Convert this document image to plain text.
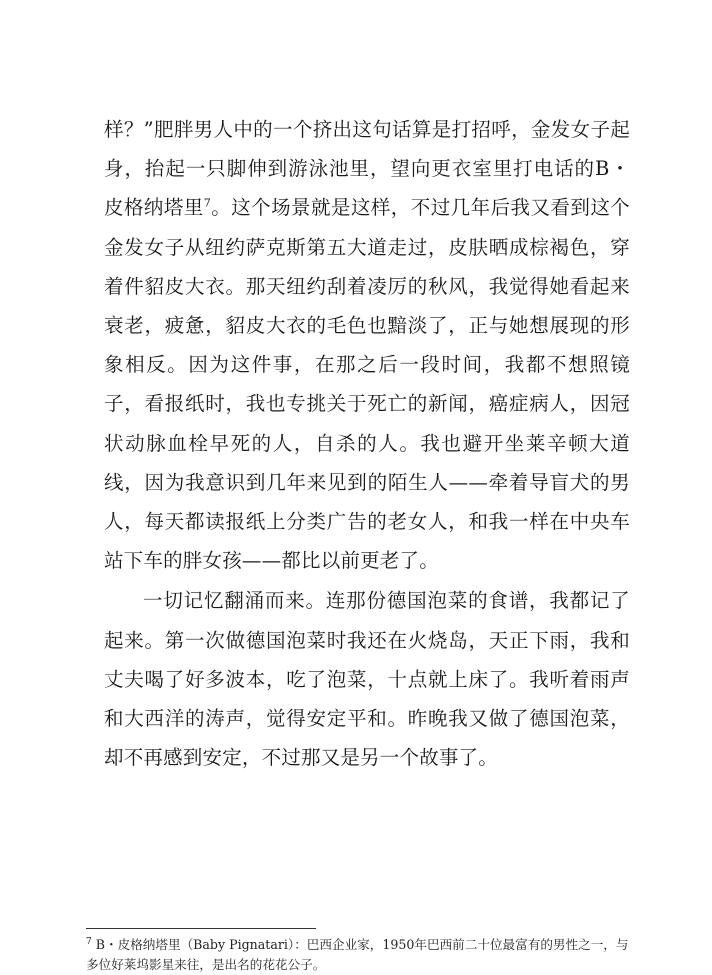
样？”肥胖男人中的一个挤出这句话算是打招呼，金发女子起身，抬起一只脚伸到游泳池里，望向更衣室里打电话的B・皮格纳塔里$^7$。这个场景就是这样，不过几年后我又看到这个金发女子从纽约萨克斯第五大道走过，皮肤晒成棕褐色，穿着件貂皮大衣。那天纽约刮着凌厉的秋风，我觉得她看起来衰老，疲惫，貂皮大衣的毛色也黯淡了，正与她想展现的形象相反。因为这件事，在那之后一段时间，我都不想照镜子，看报纸时，我也专挑关于死亡的新闻，癌症病人，因冠状动脉血栓早死的人，自杀的人。我也避开坐莱辛顿大道线，因为我意识到几年来见到的陌生人——牵着导盲犬的男人，每天都读报纸上分类广告的老女人，和我一样在中央车站下车的胖女孩——都比以前更老了。

一切记忆翻涌而来。连那份德国泡菜的食谱，我都记了起来。第一次做德国泡菜时我还在火烧岛，天正下雨，我和丈夫喝了好多波本，吃了泡菜，十点就上床了。我听着雨声和大西洋的涛声，觉得安定平和。昨晚我又做了德国泡菜，却不再感到安定，不过那又是另一个故事了。

$^7$ B・皮格纳塔里（Baby Pignatari）：巴西企业家，1950年巴西前二十位最富有的男性之一，与多位好莱坞影星来往，是出名的花花公子。
